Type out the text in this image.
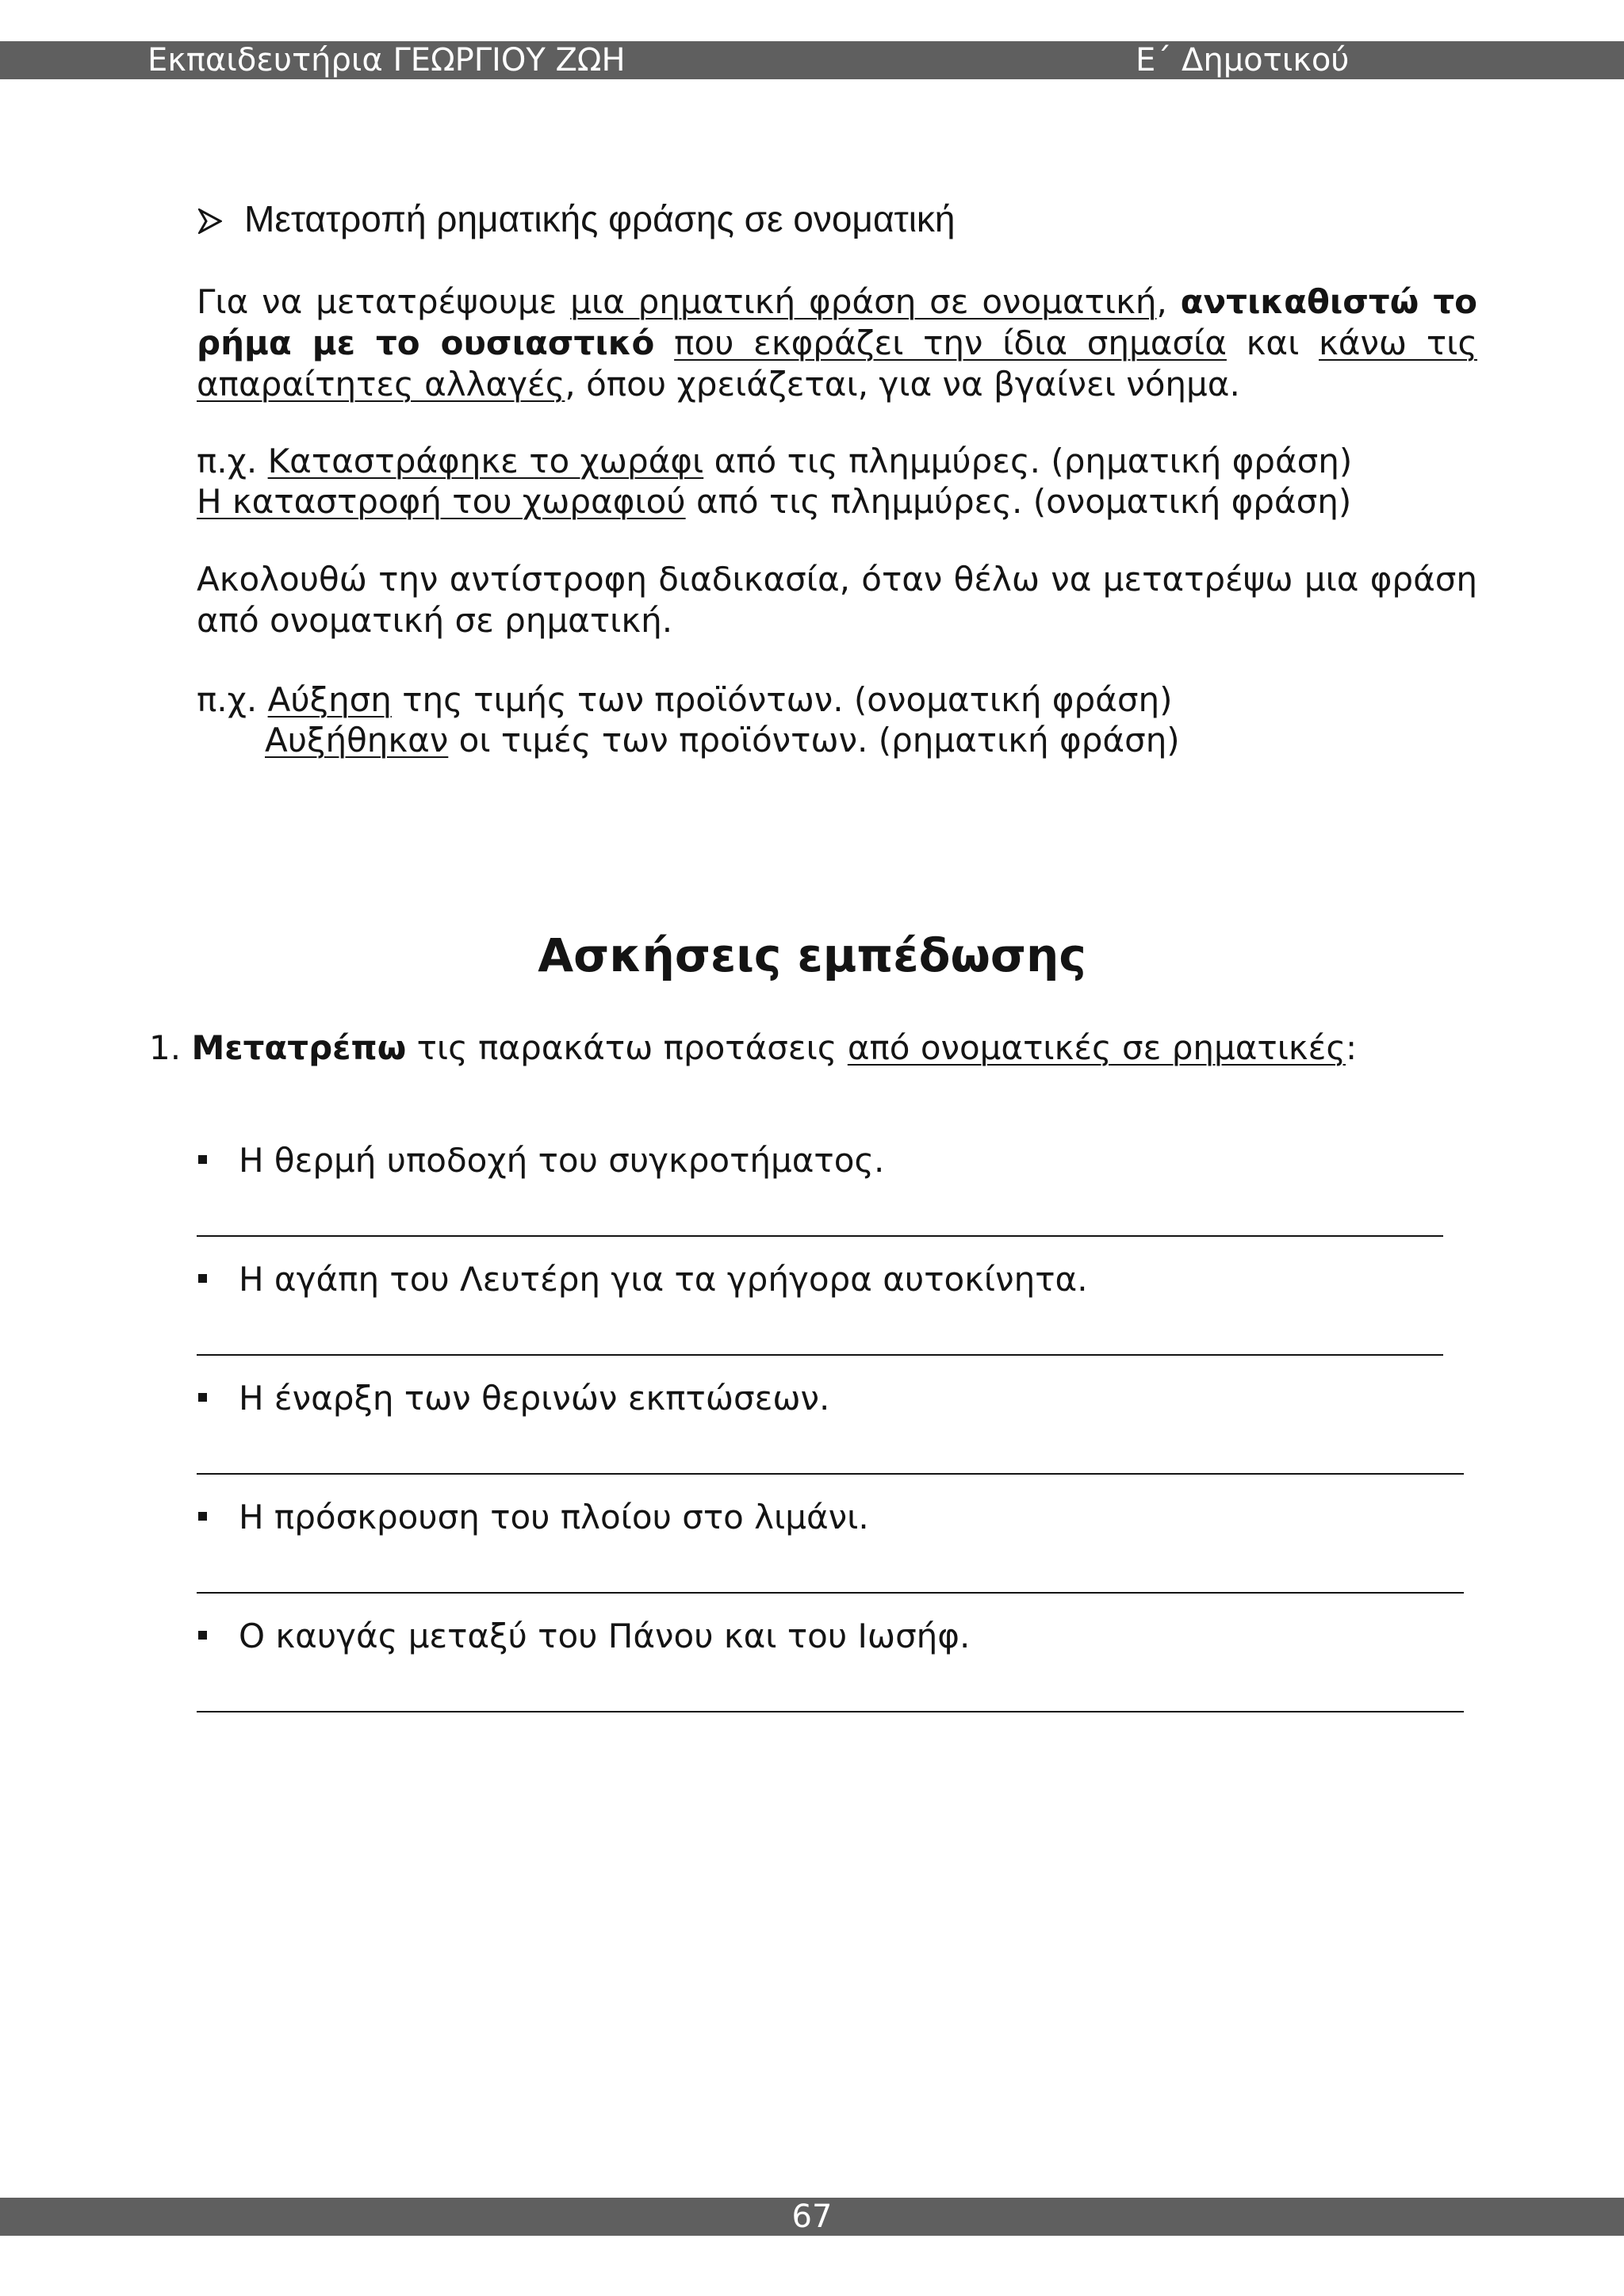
Εκπαιδευτήρια ΓΕΩΡΓΙΟΥ ΖΩΗ	Ε΄ Δημοτικού
Μετατροπή ρηματικής φράσης σε ονοματική
Για να μετατρέψουμε μια ρηματική φράση σε ονοματική, αντικαθιστώ το ρήμα με το ουσιαστικό που εκφράζει την ίδια σημασία και κάνω τις απαραίτητες αλλαγές, όπου χρειάζεται, για να βγαίνει νόημα.
π.χ. Καταστράφηκε το χωράφι από τις πλημμύρες. (ρηματική φράση)
Η καταστροφή του χωραφιού από τις πλημμύρες. (ονοματική φράση)
Ακολουθώ την αντίστροφη διαδικασία, όταν θέλω να μετατρέψω μια φράση από ονοματική σε ρηματική.
π.χ. Αύξηση της τιμής των προϊόντων. (ονοματική φράση)
Αυξήθηκαν οι τιμές των προϊόντων. (ρηματική φράση)
Ασκήσεις εμπέδωσης
1. Μετατρέπω τις παρακάτω προτάσεις από ονοματικές σε ρηματικές:
Η θερμή υποδοχή του συγκροτήματος.
Η αγάπη του Λευτέρη για τα γρήγορα αυτοκίνητα.
Η έναρξη των θερινών εκπτώσεων.
Η πρόσκρουση του πλοίου στο λιμάνι.
Ο καυγάς μεταξύ του Πάνου και του Ιωσήφ.
67
